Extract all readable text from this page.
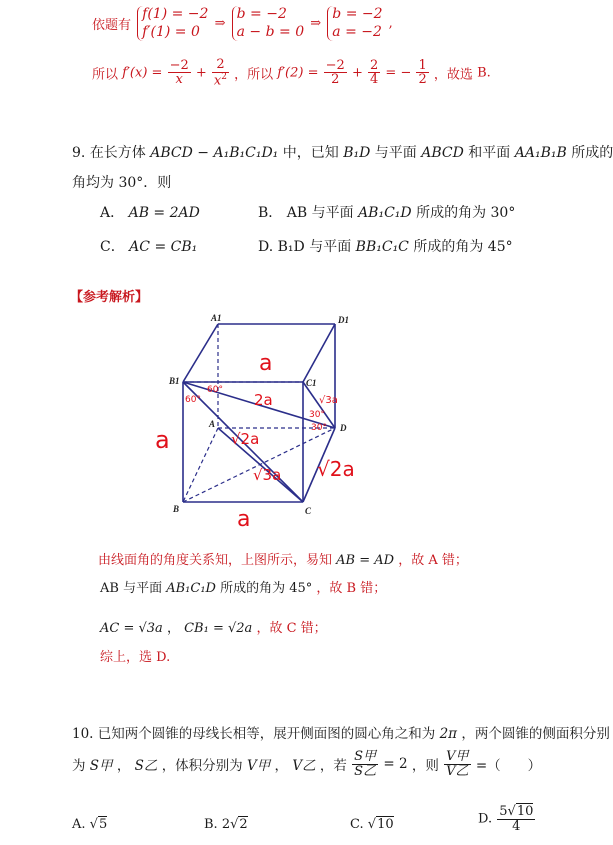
依题有
f(1) = −2
f′(1) = 0	⇒
b = −2
a − b = 0 ⇒
b = −2
a = −2 ,
所以 $f'(x) = \frac{-2}{x} + \frac{2}{x^2}$ ，所以 $f'(2) = \frac{-2}{2} + \frac{2}{4}$ = − $\frac{1}{2}$ ，故选 B.
9. 在长方体 ABCD − A₁B₁C₁D₁ 中，已知 B₁D 与平面 ABCD 和平面 AA₁B₁B 所成的
角均为 30°．则
A． AB = 2AD	B． AB 与平面 AB₁C₁D 所成的角为 30°
C． AC = CB₁	D. B₁D 与平面 BB₁C₁C 所成的角为 45°
【参考解析】
A1	D1
B1	C1
A	D
B	C
a
2a	√3a
√2a
√3a √2a
a
a
60°
60°
30°
30°
由线面角的角度关系知，上图所示，易知 AB = AD ，故 A 错；
AB 与平面 AB₁C₁D 所成的角为 45° ，故 B 错；
AC = √3a ， CB₁ = √2a ，故 C 错；
综上，选 D.
10. 已知两个圆锥的母线长相等，展开侧面图的圆心角之和为 2π ，两个圆锥的侧面积分别
为 S甲 ， S乙 ，体积分别为 V甲 ， V乙 ，若 $\frac{\text{S甲}}{\text{S乙}} = 2$ ，则 $\frac{\text{V甲}}{\text{V乙}}$ =（　　）
A. √5	B. 2√2	C. √10	D. $\frac{5√10}{4}$
